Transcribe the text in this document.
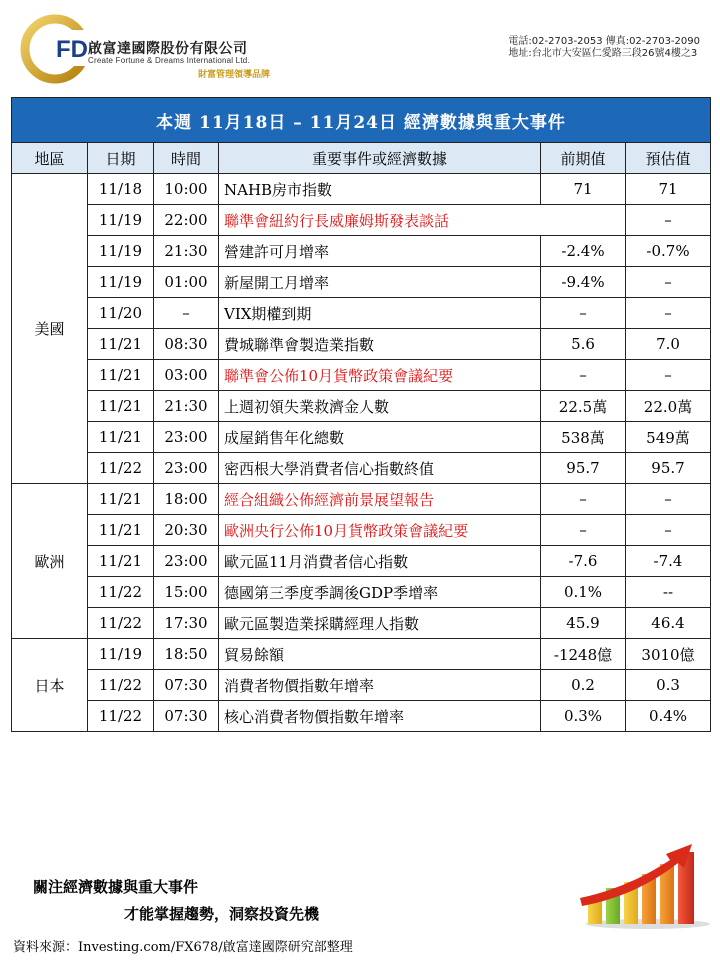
FD 啟富達國際股份有限公司
Create Fortune & Dreams International Ltd.
財富管理領導品牌
電話:02-2703-2053 傳真:02-2703-2090
地址:台北市大安區仁愛路三段26號4樓之3
本週 11月18日 – 11月24日 經濟數據與重大事件					
地區	日期	時間	重要事件或經濟數據	前期值	預估值
美國	11/18	10:00	NAHB房市指數	71	71
	11/19	22:00	聯準會紐約行長威廉姆斯發表談話		–
	11/19	21:30	營建許可月增率	-2.4%	-0.7%
	11/19	01:00	新屋開工月增率	-9.4%	–
	11/20	–	VIX期權到期	–	–
	11/21	08:30	費城聯準會製造業指數	5.6	7.0
	11/21	03:00	聯準會公佈10月貨幣政策會議紀要	–	–
	11/21	21:30	上週初領失業救濟金人數	22.5萬	22.0萬
	11/21	23:00	成屋銷售年化總數	538萬	549萬
	11/22	23:00	密西根大學消費者信心指數終值	95.7	95.7
歐洲	11/21	18:00	經合組織公佈經濟前景展望報告	–	–
	11/21	20:30	歐洲央行公佈10月貨幣政策會議紀要	–	–
	11/21	23:00	歐元區11月消費者信心指數	-7.6	-7.4
	11/22	15:00	德國第三季度季調後GDP季增率	0.1%	--
	11/22	17:30	歐元區製造業採購經理人指數	45.9	46.4
日本	11/19	18:50	貿易餘額	-1248億	3010億
	11/22	07:30	消費者物價指數年增率	0.2	0.3
	11/22	07:30	核心消費者物價指數年增率	0.3%	0.4%
關注經濟數據與重大事件
才能掌握趨勢，洞察投資先機
資料來源：Investing.com/FX678/啟富達國際研究部整理
